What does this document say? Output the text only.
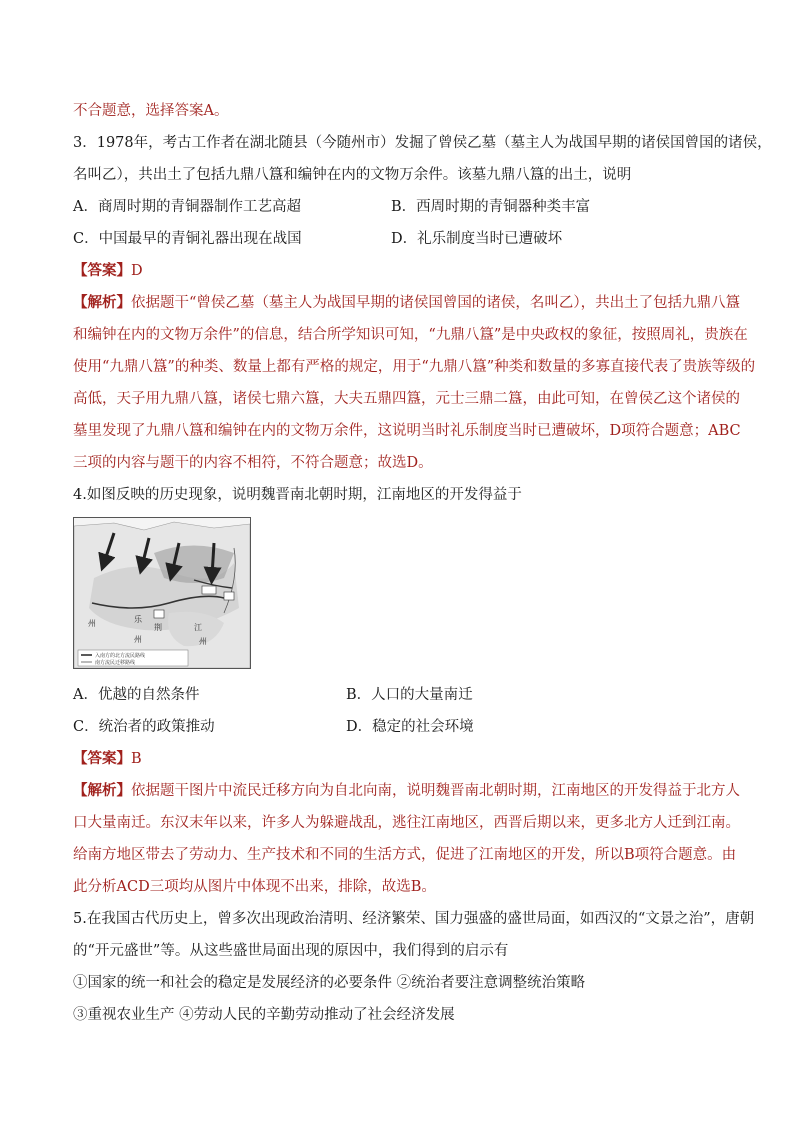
不合题意，选择答案A。
3．1978年，考古工作者在湖北随县（今随州市）发掘了曾侯乙墓（墓主人为战国早期的诸侯国曾国的诸侯，
名叫乙），共出土了包括九鼎八簋和编钟在内的文物万余件。该墓九鼎八簋的出土，说明
A．商周时期的青铜器制作工艺高超	B．西周时期的青铜器种类丰富
C．中国最早的青铜礼器出现在战国	D．礼乐制度当时已遭破坏
【答案】D
【解析】依据题干“曾侯乙墓（墓主人为战国早期的诸侯国曾国的诸侯，名叫乙），共出土了包括九鼎八簋
和编钟在内的文物万余件”的信息，结合所学知识可知，“九鼎八簋”是中央政权的象征，按照周礼，贵族在
使用“九鼎八簋”的种类、数量上都有严格的规定，用于“九鼎八簋”种类和数量的多寡直接代表了贵族等级的
高低，天子用九鼎八簋，诸侯七鼎六簋，大夫五鼎四簋，元士三鼎二簋，由此可知，在曾侯乙这个诸侯的
墓里发现了九鼎八簋和编钟在内的文物万余件，这说明当时礼乐制度当时已遭破坏，D项符合题意；ABC
三项的内容与题干的内容不相符，不符合题意；故选D。
4.如图反映的历史现象，说明魏晋南北朝时期，江南地区的开发得益于
州	乐
荆
州
江
州
入南方的北方流民路线
南方流民迁移路线
A．优越的自然条件	B．人口的大量南迁
C．统治者的政策推动	D．稳定的社会环境
【答案】B
【解析】依据题干图片中流民迁移方向为自北向南，说明魏晋南北朝时期，江南地区的开发得益于北方人
口大量南迁。东汉末年以来，许多人为躲避战乱，逃往江南地区，西晋后期以来，更多北方人迁到江南。
给南方地区带去了劳动力、生产技术和不同的生活方式，促进了江南地区的开发，所以B项符合题意。由
此分析ACD三项均从图片中体现不出来，排除，故选B。
5.在我国古代历史上，曾多次出现政治清明、经济繁荣、国力强盛的盛世局面，如西汉的“文景之治”，唐朝
的“开元盛世”等。从这些盛世局面出现的原因中，我们得到的启示有
①国家的统一和社会的稳定是发展经济的必要条件 ②统治者要注意调整统治策略
③重视农业生产 ④劳动人民的辛勤劳动推动了社会经济发展
